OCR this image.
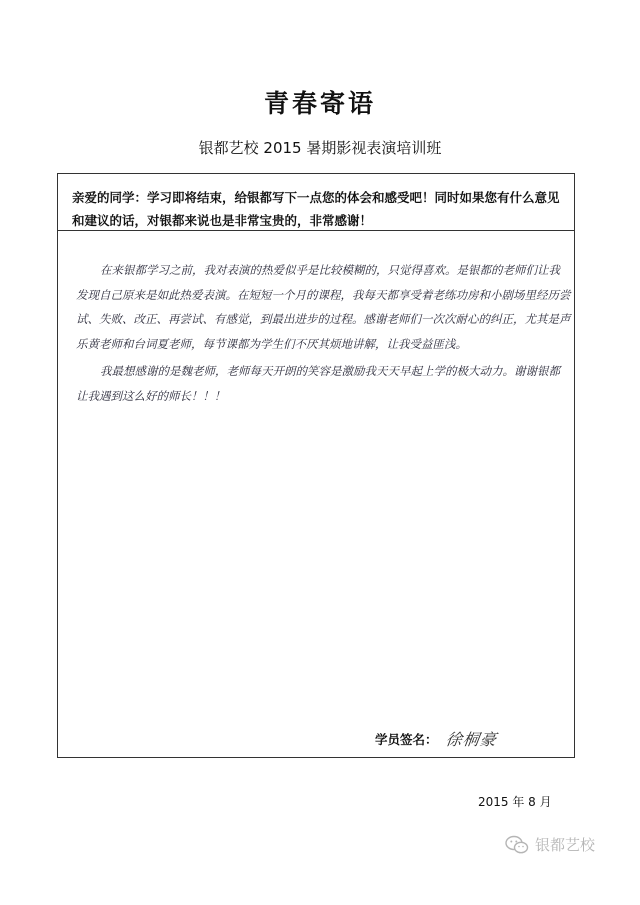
青春寄语
银都艺校 2015 暑期影视表演培训班
亲爱的同学：学习即将结束，给银都写下一点您的体会和感受吧！同时如果您有什么意见和建议的话，对银都来说也是非常宝贵的，非常感谢！

在来银都学习之前，我对表演的热爱似乎是比较模糊的，只觉得喜欢。是银都的老师们让我发现自己原来是如此热爱表演。在短短一个月的课程，我每天都享受着老练功房和小剧场里经历尝试、失败、改正、再尝试、有感觉，到最出进步的过程。感谢老师们一次次耐心的纠正，尤其是声乐黄老师和台词夏老师，每节课都为学生们不厌其烦地讲解，让我受益匪浅。

我最想感谢的是魏老师，老师每天开朗的笑容是激励我天天早起上学的极大动力。谢谢银都让我遇到这么好的师长！！！

学员签名： 徐桐豪
2015 年 8 月
银都艺校
